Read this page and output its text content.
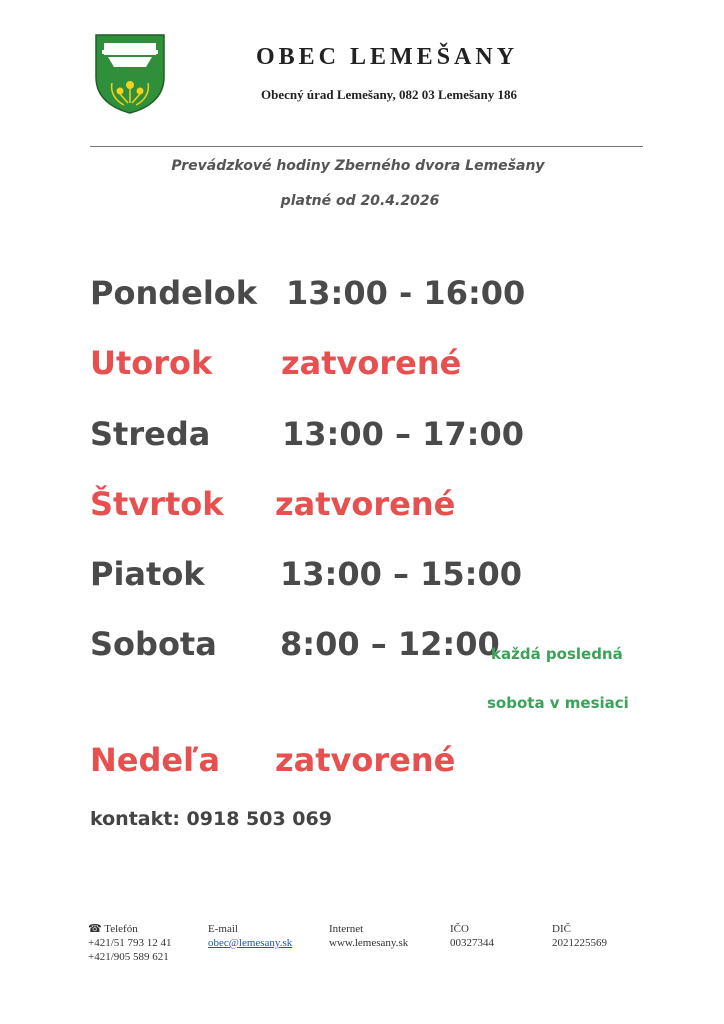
OBEC LEMEŠANY
Obecný úrad Lemešany, 082 03 Lemešany 186
Prevádzkové hodiny Zberného dvora Lemešany
platné od 20.4.2026
Pondelok 13:00 - 16:00
Utorok zatvorené
Streda 13:00 – 17:00
Štvrtok zatvorené
Piatok 13:00 – 15:00
Sobota 8:00 – 12:00
každá posledná
sobota v mesiaci
Nedeľa zatvorené
kontakt: 0918 503 069
☎ Telefón
+421/51 793 12 41
+421/905 589 621
E-mail
obec@lemesany.sk
Internet
www.lemesany.sk
IČO
00327344
DIČ
2021225569
